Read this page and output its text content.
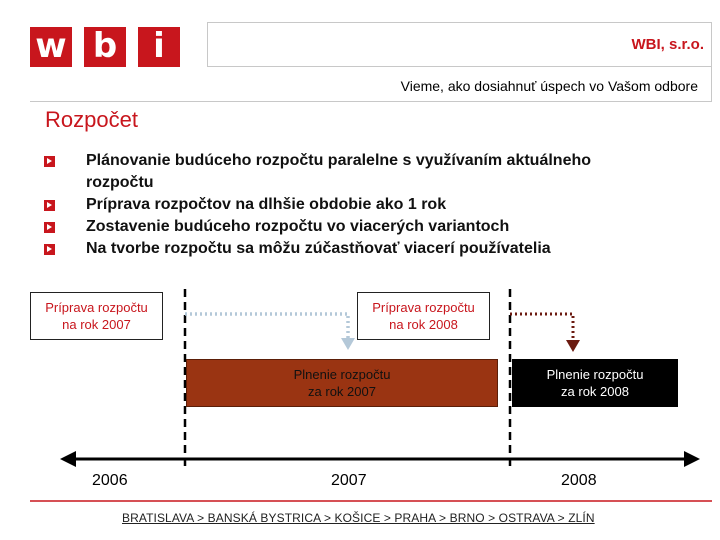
w b	i	WBI, s.r.o.
Vieme, ako dosiahnuť úspech vo Vašom odbore
Rozpočet
Plánovanie budúceho rozpočtu paralelne s využívaním aktuálneho rozpočtu
Príprava rozpočtov na dlhšie obdobie ako 1 rok
Zostavenie budúceho rozpočtu vo viacerých variantoch
Na tvorbe rozpočtu sa môžu zúčastňovať viacerí používatelia
Príprava rozpočtu
na rok 2007
Príprava rozpočtu
na rok 2008
Plnenie rozpočtu
za rok 2007
Plnenie rozpočtu
za rok 2008
2006	2007	2008
BRATISLAVA > BANSKÁ BYSTRICA > KOŠICE > PRAHA > BRNO > OSTRAVA > ZLÍN
